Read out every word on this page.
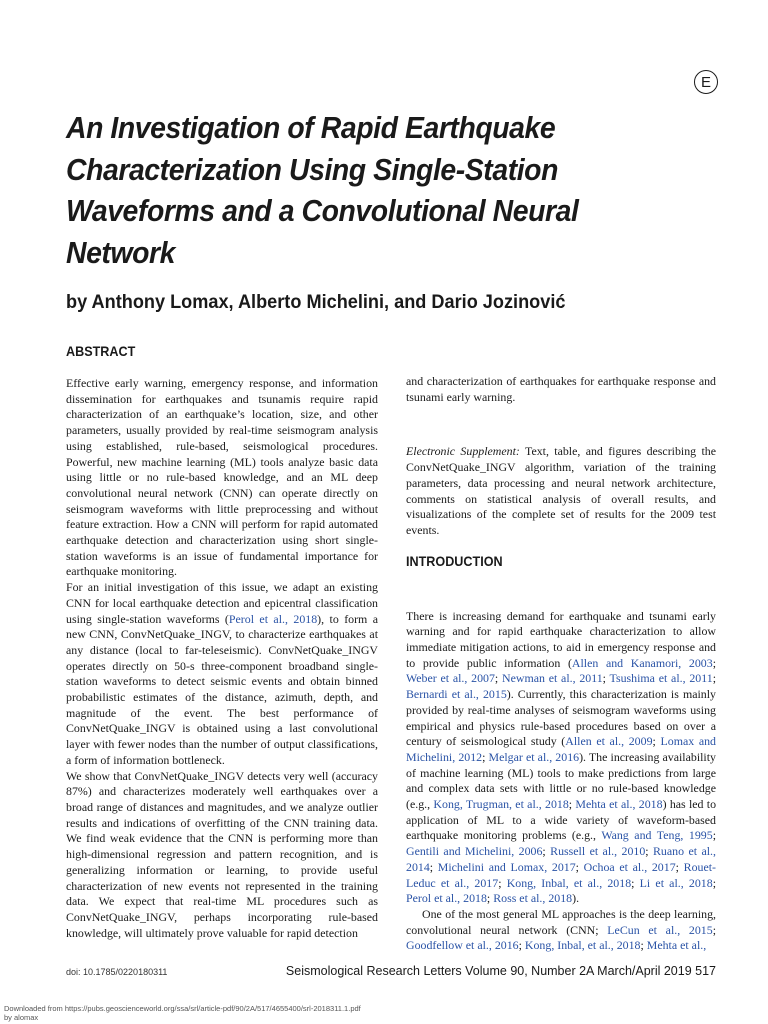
E
An Investigation of Rapid Earthquake Characterization Using Single-Station Waveforms and a Convolutional Neural Network
by Anthony Lomax, Alberto Michelini, and Dario Jozinović
ABSTRACT

Effective early warning, emergency response, and information dissemination for earthquakes and tsunamis require rapid characterization of an earthquake’s location, size, and other parameters, usually provided by real-time seismogram analysis using established, rule-based, seismological procedures. Powerful, new machine learning (ML) tools analyze basic data using little or no rule-based knowledge, and an ML deep convolutional neural network (CNN) can operate directly on seismogram waveforms with little preprocessing and without feature extraction. How a CNN will perform for rapid automated earthquake detection and characterization using short single-station waveforms is an issue of fundamental importance for earthquake monitoring.

For an initial investigation of this issue, we adapt an existing CNN for local earthquake detection and epicentral classification using single-station waveforms (Perol et al., 2018), to form a new CNN, ConvNetQuake_INGV, to characterize earthquakes at any distance (local to far-teleseismic). ConvNetQuake_INGV operates directly on 50-s three-component broadband single-station waveforms to detect seismic events and obtain binned probabilistic estimates of the distance, azimuth, depth, and magnitude of the event. The best performance of ConvNetQuake_INGV is obtained using a last convolutional layer with fewer nodes than the number of output classifications, a form of information bottleneck.

We show that ConvNetQuake_INGV detects very well (accuracy 87%) and characterizes moderately well earthquakes over a broad range of distances and magnitudes, and we analyze outlier results and indications of overfitting of the CNN training data. We find weak evidence that the CNN is performing more than high-dimensional regression and pattern recognition, and is generalizing information or learning, to provide useful characterization of new events not represented in the training data. We expect that real-time ML procedures such as ConvNetQuake_INGV, perhaps incorporating rule-based knowledge, will ultimately prove valuable for rapid detection

and characterization of earthquakes for earthquake response and tsunami early warning.

Electronic Supplement: Text, table, and figures describing the ConvNetQuake_INGV algorithm, variation of the training parameters, data processing and neural network architecture, comments on statistical analysis of overall results, and visualizations of the complete set of results for the 2009 test events.

There is increasing demand for earthquake and tsunami early warning and for rapid earthquake characterization to allow immediate mitigation actions, to aid in emergency response and to provide public information (Allen and Kanamori, 2003; Weber et al., 2007; Newman et al., 2011; Tsushima et al., 2011; Bernardi et al., 2015). Currently, this characterization is mainly provided by real-time analyses of seismogram waveforms using empirical and physics rule-based procedures based on over a century of seismological study (Allen et al., 2009; Lomax and Michelini, 2012; Melgar et al., 2016). The increasing availability of machine learning (ML) tools to make predictions from large and complex data sets with little or no rule-based knowledge (e.g., Kong, Trugman, et al., 2018; Mehta et al., 2018) has led to application of ML to a wide variety of waveform-based earthquake monitoring problems (e.g., Wang and Teng, 1995; Gentili and Michelini, 2006; Russell et al., 2010; Ruano et al., 2014; Michelini and Lomax, 2017; Ochoa et al., 2017; Rouet-Leduc et al., 2017; Kong, Inbal, et al., 2018; Li et al., 2018; Perol et al., 2018; Ross et al., 2018).

One of the most general ML approaches is the deep learning, convolutional neural network (CNN; LeCun et al., 2015; Goodfellow et al., 2016; Kong, Inbal, et al., 2018; Mehta et al.,

INTRODUCTION
doi: 10.1785/0220180311	Seismological Research Letters Volume 90, Number 2A March/April 2019 517
Downloaded from https://pubs.geoscienceworld.org/ssa/srl/article-pdf/90/2A/517/4655400/srl-2018311.1.pdf
by alomax
